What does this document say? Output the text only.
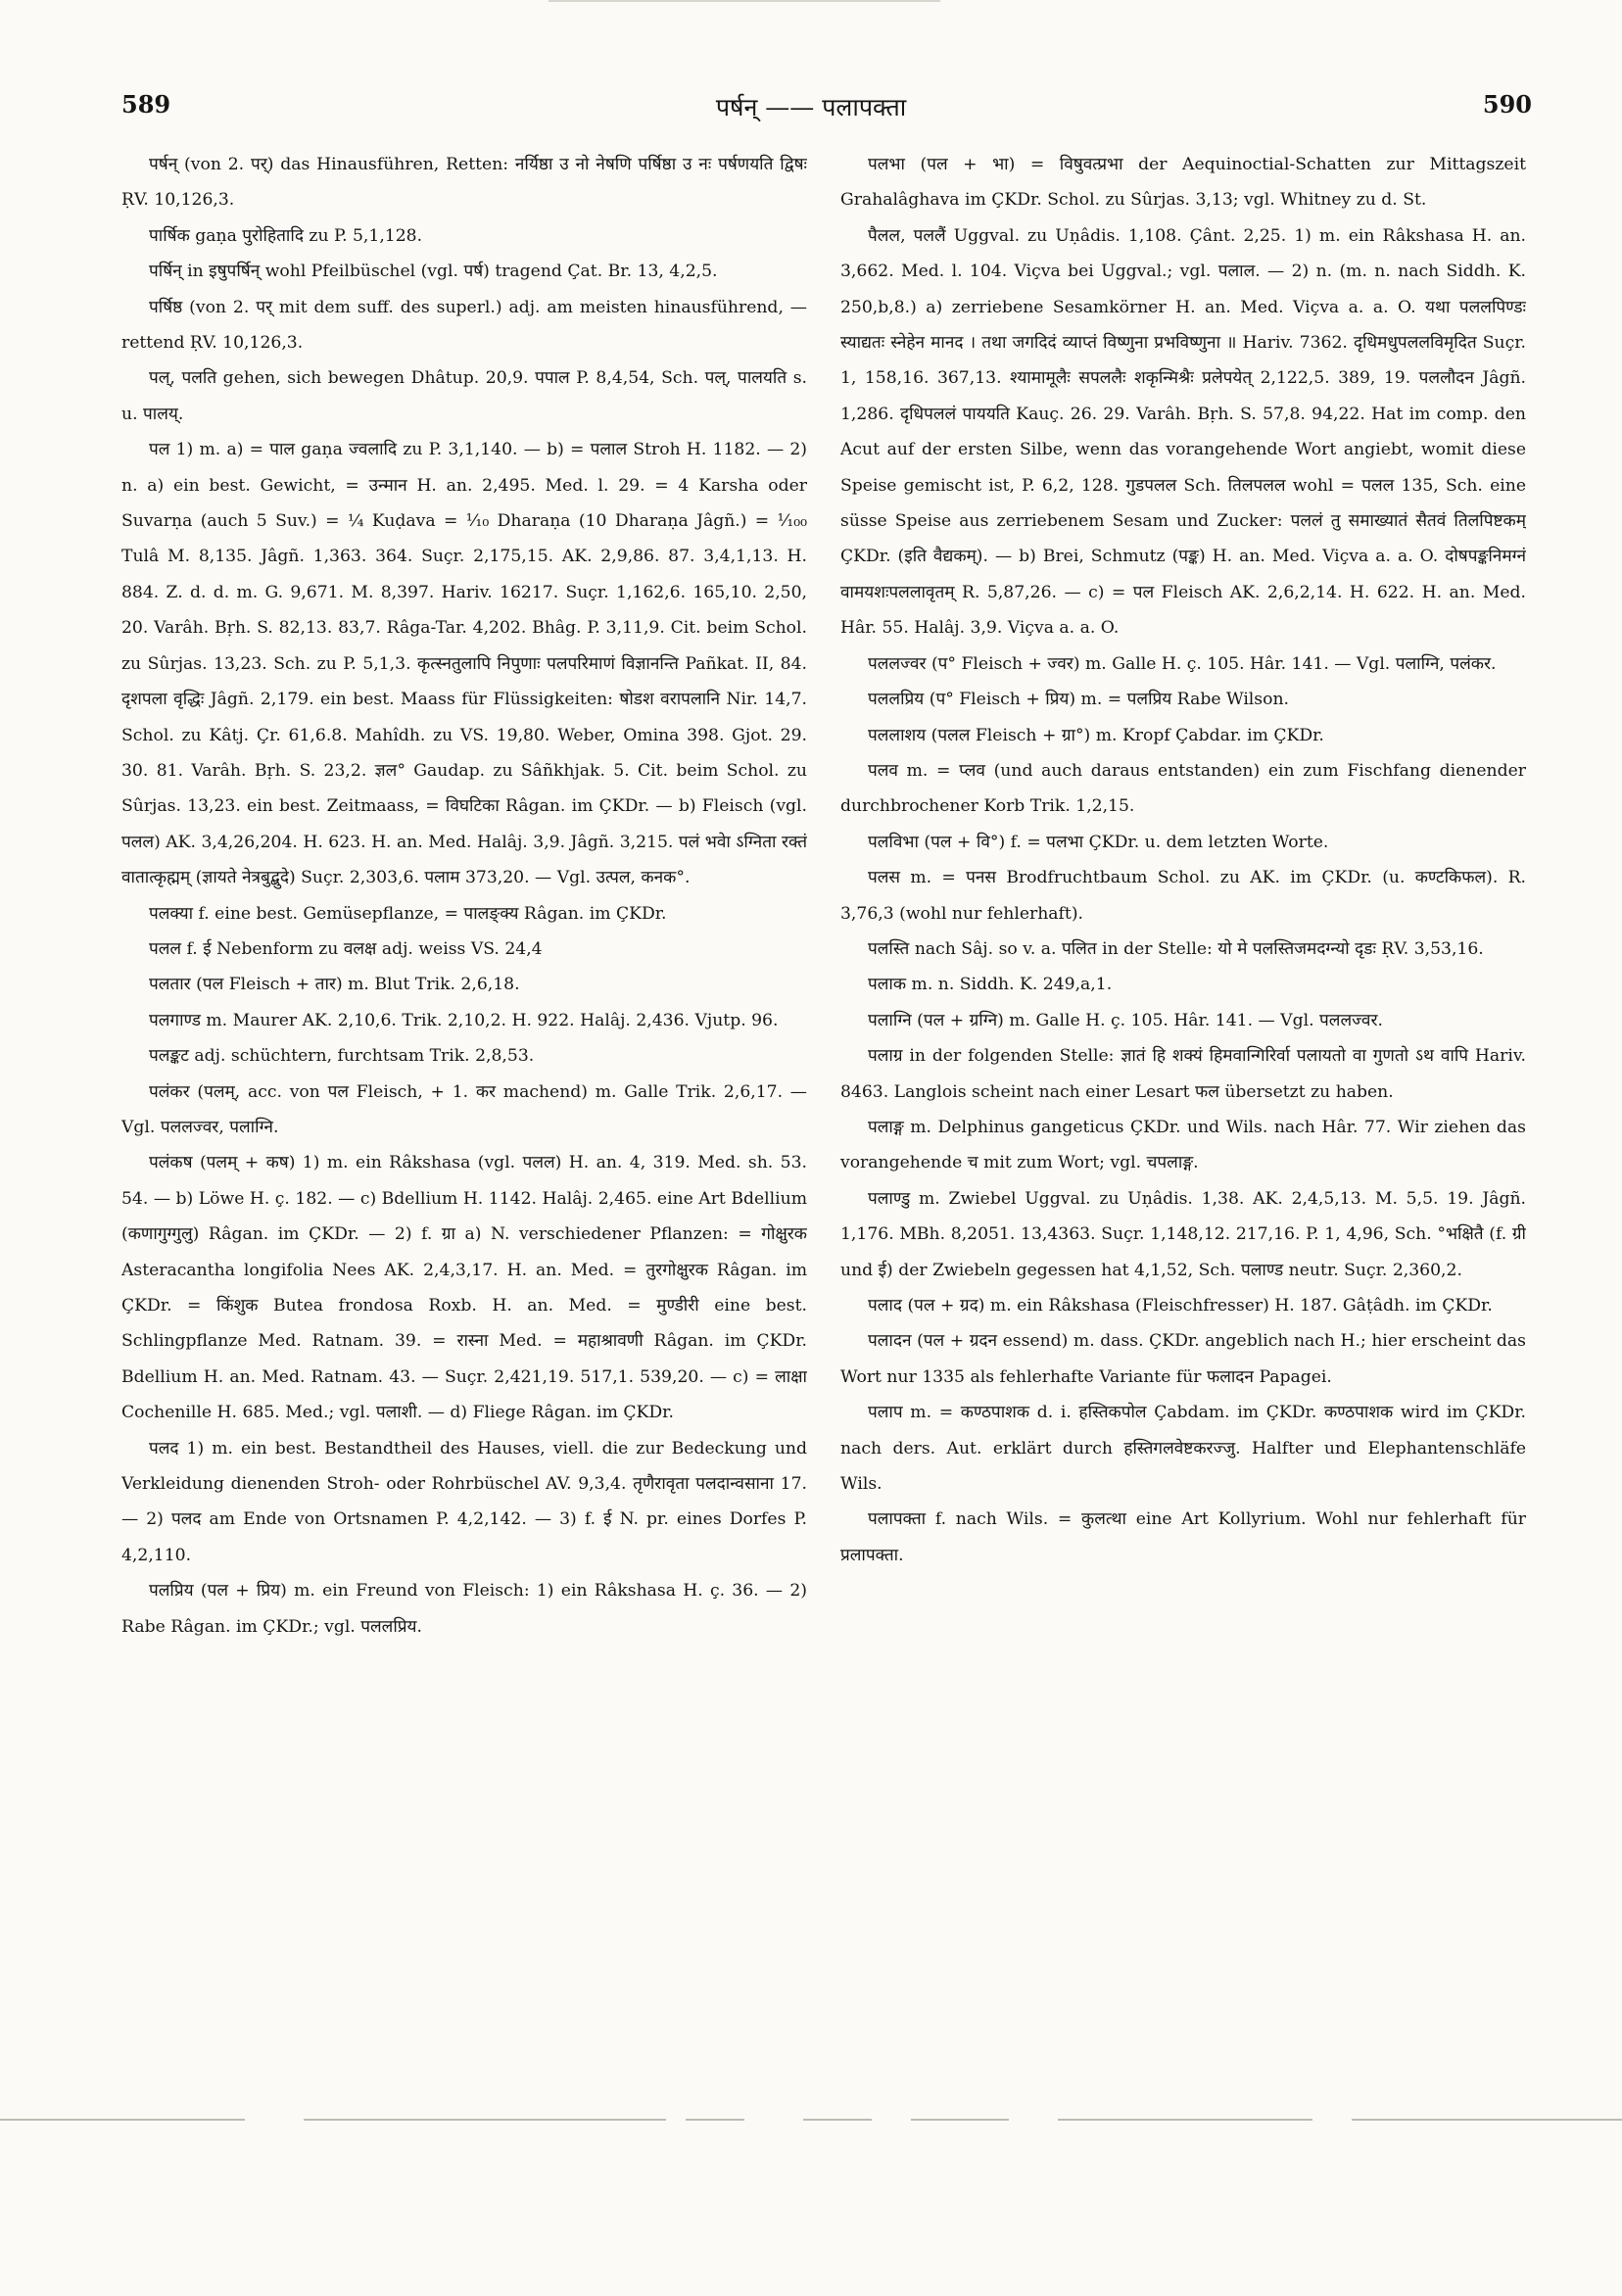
589	पर्षन् —— पलापक्ता	590

पर्षन् (von 2. पर्) das Hinausführen, Retten: नर्यिष्ठा उ नो नेषणि पर्षिष्ठा उ नः पर्षणयति द्विषः ṚV. 10,126,3.

पार्षिक gaṇa पुरोहितादि zu P. 5,1,128.

पर्षिन् in इषुपर्षिन् wohl Pfeilbüschel (vgl. पर्ष) tragend Çat. Br. 13, 4,2,5.

पर्षिष्ठ (von 2. पर् mit dem suff. des superl.) adj. am meisten hinausführend, — rettend ṚV. 10,126,3.

पल्, पलति gehen, sich bewegen Dhâtup. 20,9. पपाल P. 8,4,54, Sch. पल्, पालयति s. u. पालय्.

पल 1) m. a) = पाल gaṇa ज्वलादि zu P. 3,1,140. — b) = पलाल Stroh H. 1182. — 2) n. a) ein best. Gewicht, = उन्मान H. an. 2,495. Med. l. 29. = 4 Karsha oder Suvarṇa (auch 5 Suv.) = ¼ Kuḍava = ¹⁄₁₀ Dharaṇa (10 Dharaṇa Jâgñ.) = ¹⁄₁₀₀ Tulâ M. 8,135. Jâgñ. 1,363. 364. Suçr. 2,175,15. AK. 2,9,86. 87. 3,4,1,13. H. 884. Z. d. d. m. G. 9,671. M. 8,397. Hariv. 16217. Suçr. 1,162,6. 165,10. 2,50, 20. Varâh. Bṛh. S. 82,13. 83,7. Râga-Tar. 4,202. Bhâg. P. 3,11,9. Cit. beim Schol. zu Sûrjas. 13,23. Sch. zu P. 5,1,3. कृत्स्नतुलापि निपुणाः पलपरिमाणं विज्ञानन्ति Pañkat. II, 84. दृशपला वृद्धिः Jâgñ. 2,179. ein best. Maass für Flüssigkeiten: षोडश वरापलानि Nir. 14,7. Schol. zu Kâtj. Çr. 61,6.8. Mahîdh. zu VS. 19,80. Weber, Omina 398. Gjot. 29. 30. 81. Varâh. Bṛh. S. 23,2. ज्ञल° Gaudap. zu Sâñkhjak. 5. Cit. beim Schol. zu Sûrjas. 13,23. ein best. Zeitmaass, = विघटिका Râgan. im ÇKDr. — b) Fleisch (vgl. पलल) AK. 3,4,26,204. H. 623. H. an. Med. Halâj. 3,9. Jâgñ. 3,215. पलं भवेा ऽग्निता रक्तं वातात्कृह्मम् (ज्ञायते नेत्रबुद्बुदे) Suçr. 2,303,6. पलाम 373,20. — Vgl. उत्पल, कनक°.

पलक्या f. eine best. Gemüsepflanze, = पालङ्क्य Râgan. im ÇKDr.

पलल f. ई Nebenform zu वलक्ष adj. weiss VS. 24,4

पलतार (पल Fleisch + तार) m. Blut Trik. 2,6,18.

पलगाण्ड m. Maurer AK. 2,10,6. Trik. 2,10,2. H. 922. Halâj. 2,436. Vjutp. 96.

पलङ्कट adj. schüchtern, furchtsam Trik. 2,8,53.

पलंकर (पलम्, acc. von पल Fleisch, + 1. कर machend) m. Galle Trik. 2,6,17. — Vgl. पललज्वर, पलाग्नि.

पलंकष (पलम् + कष) 1) m. ein Râkshasa (vgl. पलल) H. an. 4, 319. Med. sh. 53. 54. — b) Löwe H. ç. 182. — c) Bdellium H. 1142. Halâj. 2,465. eine Art Bdellium (कणागुग्गुलु) Râgan. im ÇKDr. — 2) f. ग्रा a) N. verschiedener Pflanzen: = गोक्षुरक Asteracantha longifolia Nees AK. 2,4,3,17. H. an. Med. = तुरगोक्षुरक Râgan. im ÇKDr. = किंशुक Butea frondosa Roxb. H. an. Med. = मुण्डीरी eine best. Schlingpflanze Med. Ratnam. 39. = रास्ना Med. = महाश्रावणी Râgan. im ÇKDr. Bdellium H. an. Med. Ratnam. 43. — Suçr. 2,421,19. 517,1. 539,20. — c) = लाक्षा Cochenille H. 685. Med.; vgl. पलाशी. — d) Fliege Râgan. im ÇKDr.

पलद 1) m. ein best. Bestandtheil des Hauses, viell. die zur Bedeckung und Verkleidung dienenden Stroh- oder Rohrbüschel AV. 9,3,4. तृणैरावृता पलदान्वसाना 17. — 2) पलद am Ende von Ortsnamen P. 4,2,142. — 3) f. ई N. pr. eines Dorfes P. 4,2,110.

पलप्रिय (पल + प्रिय) m. ein Freund von Fleisch: 1) ein Râkshasa H. ç. 36. — 2) Rabe Râgan. im ÇKDr.; vgl. पललप्रिय.

पलभा (पल + भा) = विषुवत्प्रभा der Aequinoctial-Schatten zur Mittagszeit Grahalâghava im ÇKDr. Schol. zu Sûrjas. 3,13; vgl. Whitney zu d. St.

पैलल, पललैं Uggval. zu Uṇâdis. 1,108. Çânt. 2,25. 1) m. ein Râkshasa H. an. 3,662. Med. l. 104. Viçva bei Uggval.; vgl. पलाल. — 2) n. (m. n. nach Siddh. K. 250,b,8.) a) zerriebene Sesamkörner H. an. Med. Viçva a. a. O. यथा पललपिण्डः स्याद्यतः स्नेहेन मानद । तथा जगदिदं व्याप्तं विष्णुना प्रभविष्णुना ॥ Hariv. 7362. दृधिमधुपललविमृदित Suçr. 1, 158,16. 367,13. श्यामामूलैः सपललैः शकृन्मिश्रैः प्रलेपयेत् 2,122,5. 389, 19. पललौदन Jâgñ. 1,286. दृधिपललं पाययति Kauç. 26. 29. Varâh. Bṛh. S. 57,8. 94,22. Hat im comp. den Acut auf der ersten Silbe, wenn das vorangehende Wort angiebt, womit diese Speise gemischt ist, P. 6,2, 128. गुडपलल Sch. तिलपलल wohl = पलल 135, Sch. eine süsse Speise aus zerriebenem Sesam und Zucker: पललं तु समाख्यातं सैतवं तिलपिष्टकम् ÇKDr. (इति वैद्यकम्). — b) Brei, Schmutz (पङ्क) H. an. Med. Viçva a. a. O. दोषपङ्कनिमग्नं वामयशःपललावृतम् R. 5,87,26. — c) = पल Fleisch AK. 2,6,2,14. H. 622. H. an. Med. Hâr. 55. Halâj. 3,9. Viçva a. a. O.

पललज्वर (प° Fleisch + ज्वर) m. Galle H. ç. 105. Hâr. 141. — Vgl. पलाग्नि, पलंकर.

पललप्रिय (प° Fleisch + प्रिय) m. = पलप्रिय Rabe Wilson.

पललाशय (पलल Fleisch + ग्रा°) m. Kropf Çabdar. im ÇKDr.

पलव m. = प्लव (und auch daraus entstanden) ein zum Fischfang dienender durchbrochener Korb Trik. 1,2,15.

पलविभा (पल + वि°) f. = पलभा ÇKDr. u. dem letzten Worte.

पलस m. = पनस Brodfruchtbaum Schol. zu AK. im ÇKDr. (u. कण्टकिफल). R. 3,76,3 (wohl nur fehlerhaft).

पलस्ति nach Sâj. so v. a. पलित in der Stelle: यो मे पलस्तिजमदग्न्यो दृडः ṚV. 3,53,16.

पलाक m. n. Siddh. K. 249,a,1.

पलाग्नि (पल + ग्रग्नि) m. Galle H. ç. 105. Hâr. 141. — Vgl. पललज्वर.

पलाग्र in der folgenden Stelle: ज्ञातं हि शक्यं हिमवान्गिरिर्वा पलायतो वा गुणतो ऽथ वापि Hariv. 8463. Langlois scheint nach einer Lesart फल übersetzt zu haben.

पलाङ्ग m. Delphinus gangeticus ÇKDr. und Wils. nach Hâr. 77. Wir ziehen das vorangehende च mit zum Wort; vgl. चपलाङ्ग.

पलाण्डु m. Zwiebel Uggval. zu Uṇâdis. 1,38. AK. 2,4,5,13. M. 5,5. 19. Jâgñ. 1,176. MBh. 8,2051. 13,4363. Suçr. 1,148,12. 217,16. P. 1, 4,96, Sch. °भक्षितै (f. ग्री und ई) der Zwiebeln gegessen hat 4,1,52, Sch. पलाण्ड neutr. Suçr. 2,360,2.

पलाद (पल + ग्रद) m. ein Râkshasa (Fleischfresser) H. 187. Gâṭâdh. im ÇKDr.

पलादन (पल + ग्रदन essend) m. dass. ÇKDr. angeblich nach H.; hier erscheint das Wort nur 1335 als fehlerhafte Variante für फलादन Papagei.

पलाप m. = कण्ठपाशक d. i. हस्तिकपोल Çabdam. im ÇKDr. कण्ठपाशक wird im ÇKDr. nach ders. Aut. erklärt durch हस्तिगलवेष्टकरज्जु. Halfter und Elephantenschläfe Wils.

पलापक्ता f. nach Wils. = कुलत्था eine Art Kollyrium. Wohl nur fehlerhaft für प्रलापक्ता.
